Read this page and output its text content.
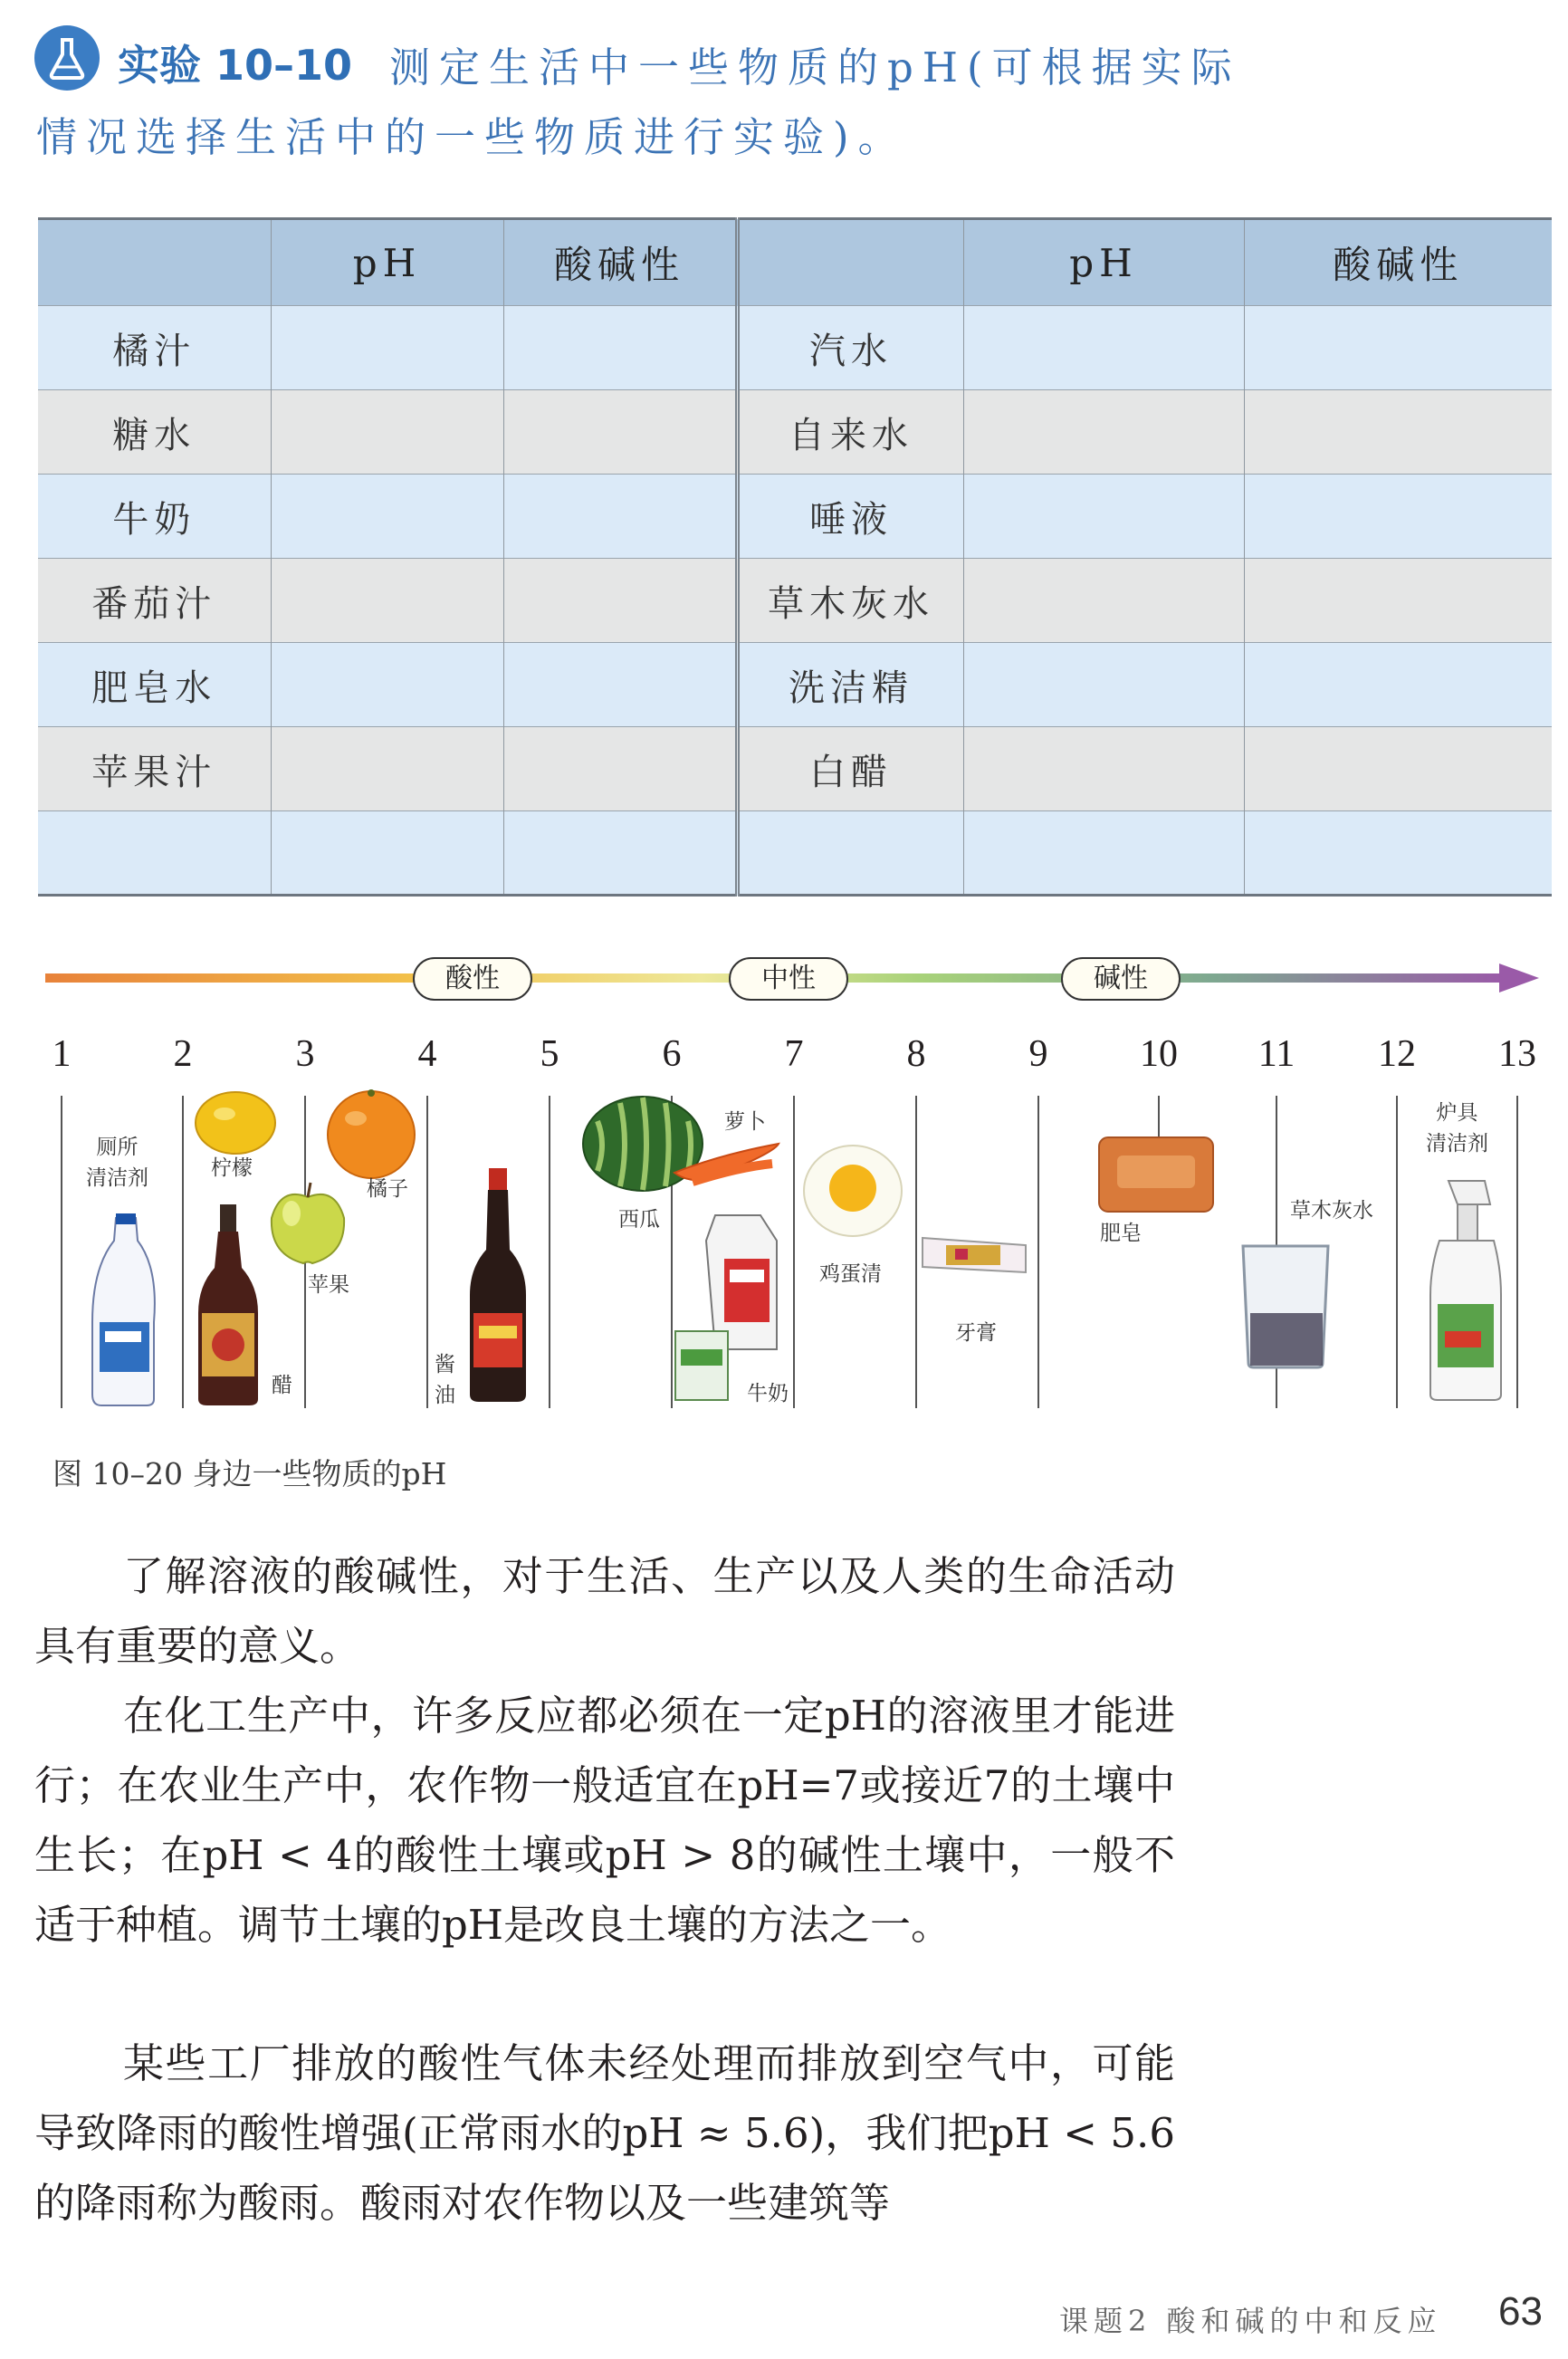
实验 10–10 测定生活中一些物质的pH(可根据实际
情况选择生活中的一些物质进行实验)。
	pH	酸碱性		pH	酸碱性
橘汁			汽水		
糖水			自来水		
牛奶			唾液		
番茄汁			草木灰水		
肥皂水			洗洁精		
苹果汁			白醋		

酸性	中性	碱性
1	2	3	4	5	6	7	8	9	10 11 12 13
厕所
清洁剂	柠檬
橘子
苹果
醋
酱
油
西瓜
萝卜
牛奶
鸡蛋清
牙膏
肥皂
草木灰水
炉具
清洁剂
图 10–20 身边一些物质的pH

了解溶液的酸碱性，对于生活、生产以及人类的生命活动具有重要的意义。

在化工生产中，许多反应都必须在一定pH的溶液里才能进行；在农业生产中，农作物一般适宜在pH=7或接近7的土壤中生长；在pH < 4的酸性土壤或pH > 8的碱性土壤中，一般不适于种植。调节土壤的pH是改良土壤的方法之一。

某些工厂排放的酸性气体未经处理而排放到空气中，可能导致降雨的酸性增强(正常雨水的pH ≈ 5.6)，我们把pH < 5.6的降雨称为酸雨。酸雨对农作物以及一些建筑等

课题2 酸和碱的中和反应 63
